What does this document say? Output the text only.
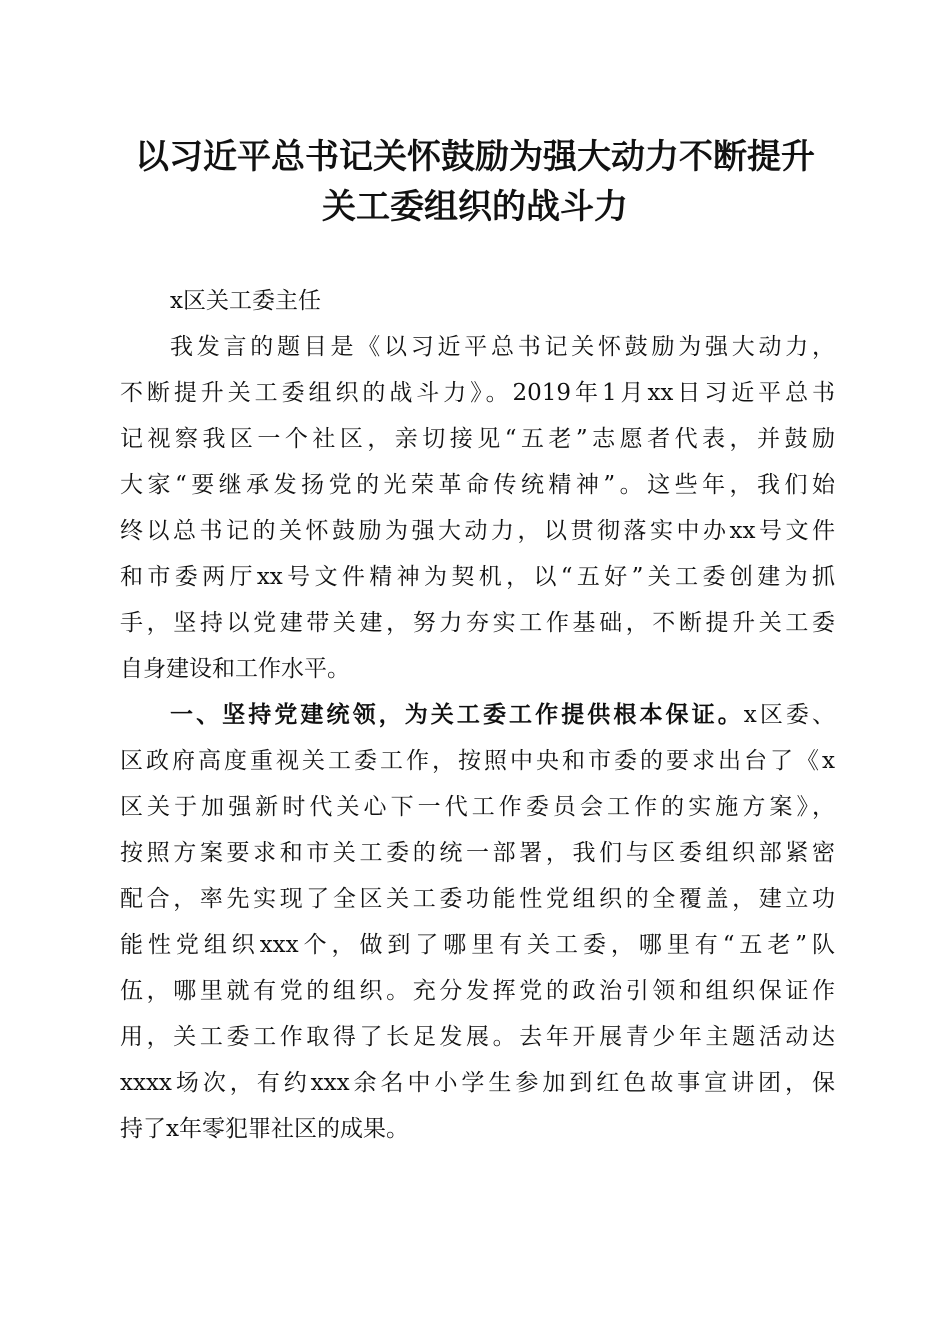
以习近平总书记关怀鼓励为强大动力不断提升
关工委组织的战斗力
x区关工委主任
我发言的题目是《以习近平总书记关怀鼓励为强大动力，
不断提升关工委组织的战斗力》。2019年1月xx日习近平总书
记视察我区一个社区，亲切接见“五老”志愿者代表，并鼓励
大家“要继承发扬党的光荣革命传统精神”。这些年，我们始
终以总书记的关怀鼓励为强大动力，以贯彻落实中办xx号文件
和市委两厅xx号文件精神为契机，以“五好”关工委创建为抓
手，坚持以党建带关建，努力夯实工作基础，不断提升关工委
自身建设和工作水平。
一、坚持党建统领，为关工委工作提供根本保证。x区委、
区政府高度重视关工委工作，按照中央和市委的要求出台了《x
区关于加强新时代关心下一代工作委员会工作的实施方案》，
按照方案要求和市关工委的统一部署，我们与区委组织部紧密
配合，率先实现了全区关工委功能性党组织的全覆盖，建立功
能性党组织xxx个，做到了哪里有关工委，哪里有“五老”队
伍，哪里就有党的组织。充分发挥党的政治引领和组织保证作
用，关工委工作取得了长足发展。去年开展青少年主题活动达
xxxx场次，有约xxx余名中小学生参加到红色故事宣讲团，保
持了x年零犯罪社区的成果。
